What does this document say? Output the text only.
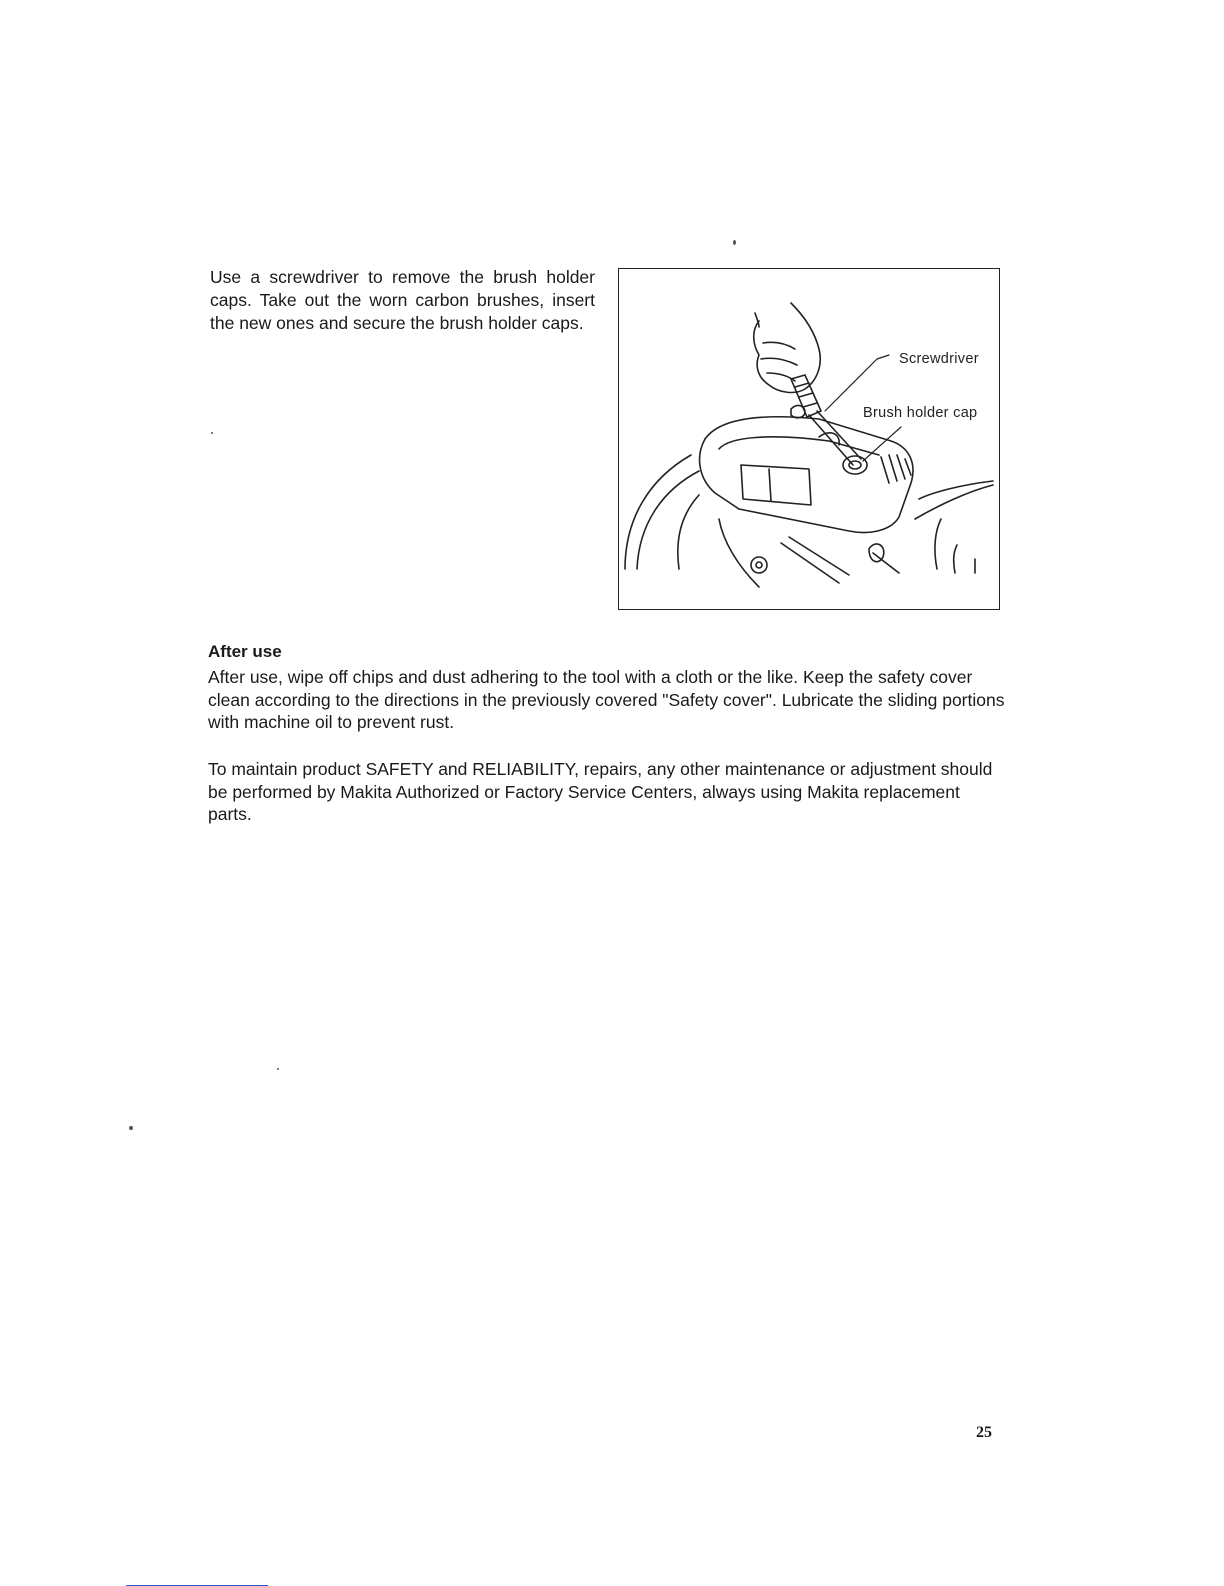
Use a screwdriver to remove the brush holder caps. Take out the worn carbon brushes, insert the new ones and secure the brush holder caps.

Screwdriver
Brush holder cap
After use

After use, wipe off chips and dust adhering to the tool with a cloth or the like. Keep the safety cover clean according to the directions in the previously covered "Safety cover". Lubricate the sliding portions with machine oil to prevent rust.

To maintain product SAFETY and RELIABILITY, repairs, any other maintenance or adjustment should be performed by Makita Authorized or Factory Service Centers, always using Makita replacement parts.

25
